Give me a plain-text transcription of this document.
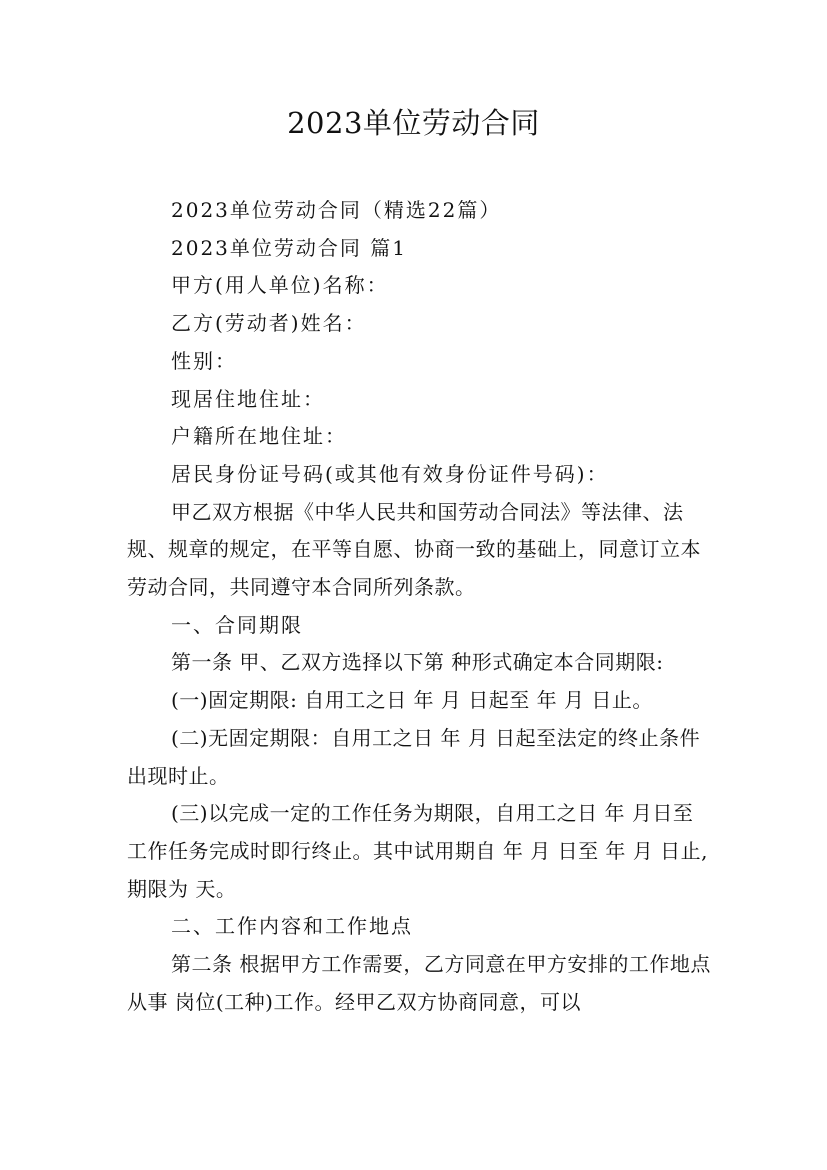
2023单位劳动合同

2023单位劳动合同（精选22篇）

2023单位劳动合同 篇1

甲方(用人单位)名称：

乙方(劳动者)姓名：

性别：

现居住地住址：

户籍所在地住址：

居民身份证号码(或其他有效身份证件号码)：

甲乙双方根据《中华人民共和国劳动合同法》等法律、法规、规章的规定，在平等自愿、协商一致的基础上，同意订立本劳动合同，共同遵守本合同所列条款。

一、合同期限

第一条 甲、乙双方选择以下第 种形式确定本合同期限:

(一)固定期限: 自用工之日 年 月 日起至 年 月 日止。

(二)无固定期限：自用工之日 年 月 日起至法定的终止条件出现时止。

(三)以完成一定的工作任务为期限，自用工之日 年 月日至 工作任务完成时即行终止。其中试用期自 年 月 日至 年 月 日止,期限为 天。

二、工作内容和工作地点

第二条 根据甲方工作需要，乙方同意在甲方安排的工作地点 从事 岗位(工种)工作。经甲乙双方协商同意，可以
